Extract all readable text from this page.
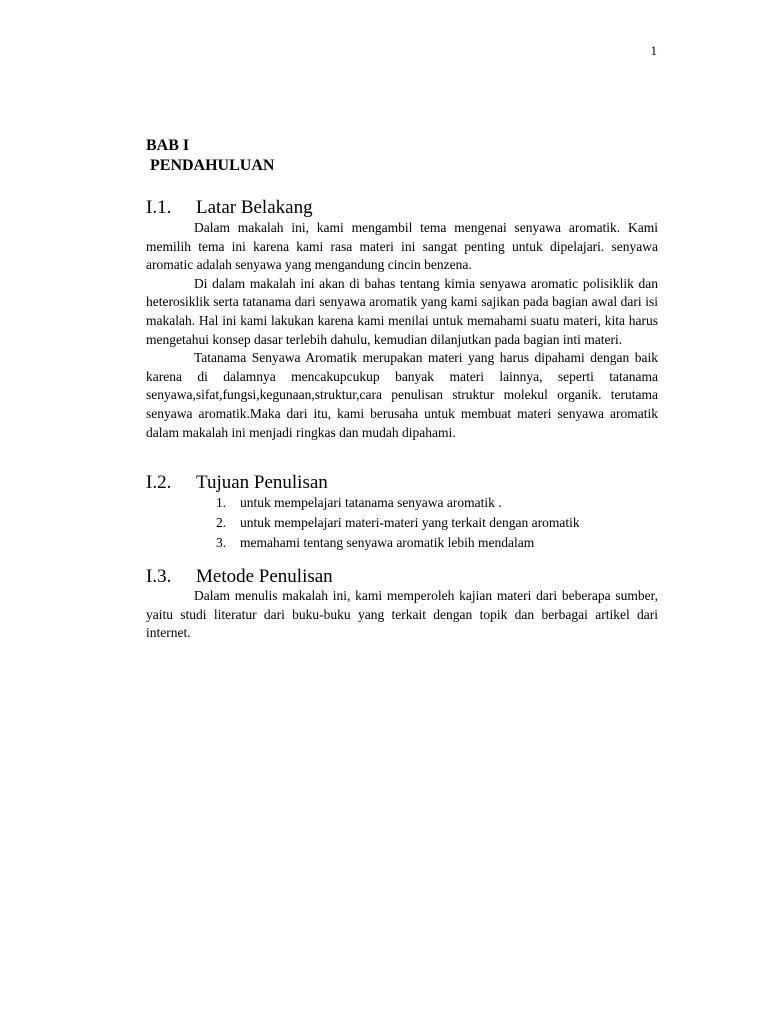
1
BAB I
PENDAHULUAN
I.1. Latar Belakang

Dalam makalah ini, kami mengambil tema mengenai senyawa aromatik. Kami memilih tema ini karena kami rasa materi ini sangat penting untuk dipelajari. senyawa aromatic adalah senyawa yang mengandung cincin benzena.

Di dalam makalah ini akan di bahas tentang kimia senyawa aromatic polisiklik dan heterosiklik serta tatanama dari senyawa aromatik yang kami sajikan pada bagian awal dari isi makalah. Hal ini kami lakukan karena kami menilai untuk memahami suatu materi, kita harus mengetahui konsep dasar terlebih dahulu, kemudian dilanjutkan pada bagian inti materi.

Tatanama Senyawa Aromatik merupakan materi yang harus dipahami dengan baik karena di dalamnya mencakupcukup banyak materi lainnya, seperti tatanama senyawa,sifat,fungsi,kegunaan,struktur,cara penulisan struktur molekul organik. terutama senyawa aromatik.Maka dari itu, kami berusaha untuk membuat materi senyawa aromatik dalam makalah ini menjadi ringkas dan mudah dipahami.

I.2. Tujuan Penulisan
1.	untuk mempelajari tatanama senyawa aromatik .
2.	untuk mempelajari materi-materi yang terkait dengan aromatik
3.	memahami tentang senyawa aromatik lebih mendalam
I.3. Metode Penulisan

Dalam menulis makalah ini, kami memperoleh kajian materi dari beberapa sumber, yaitu studi literatur dari buku-buku yang terkait dengan topik dan berbagai artikel dari internet.
